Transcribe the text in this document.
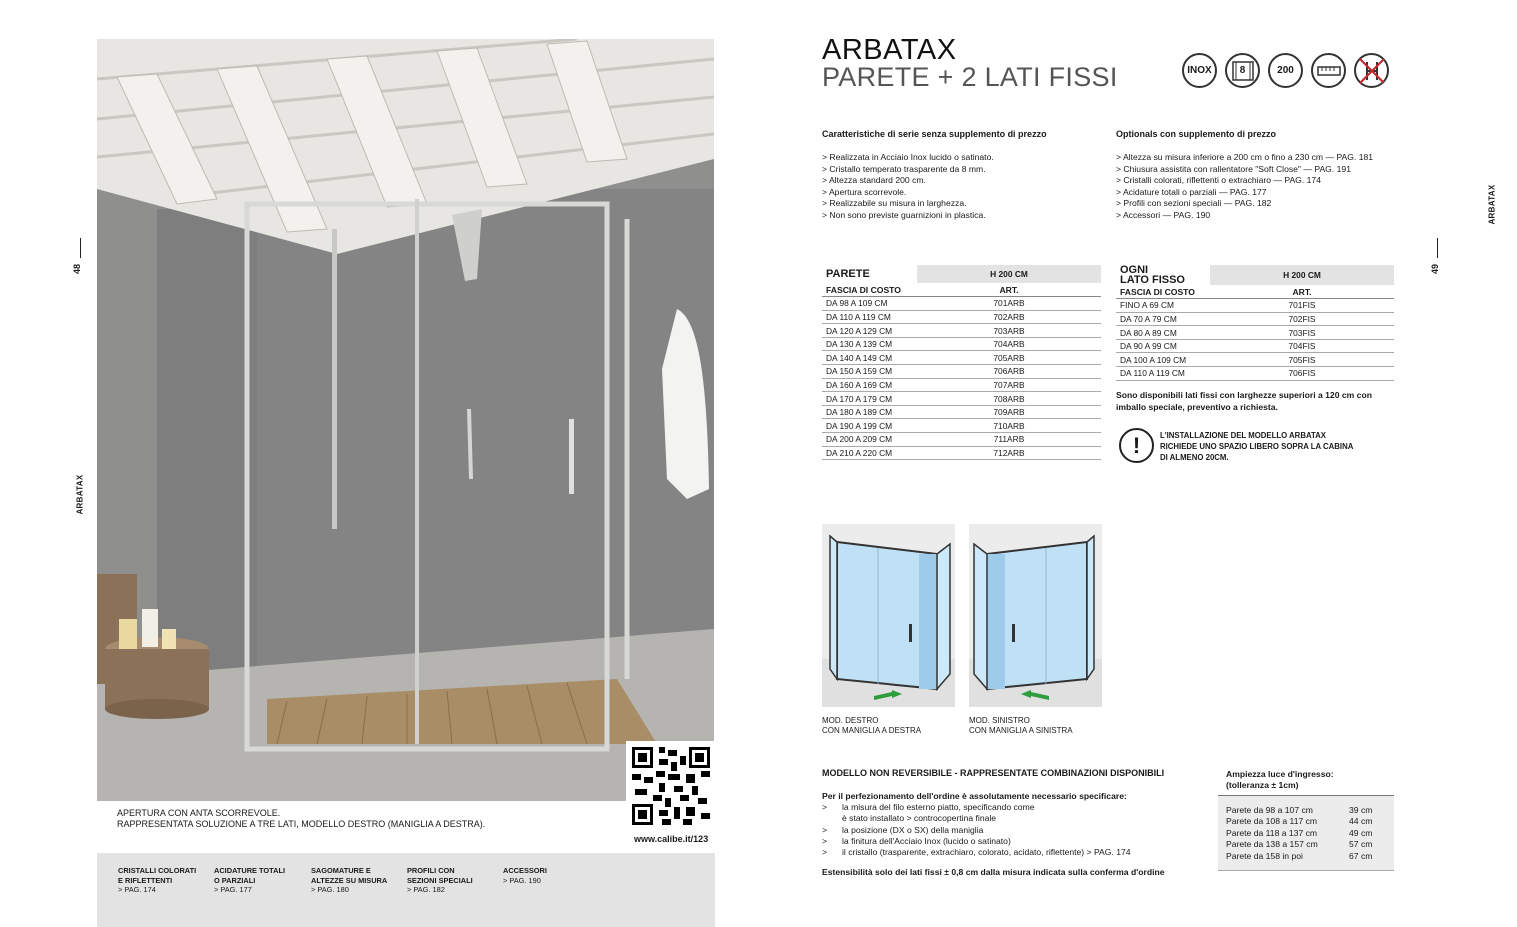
48
ARBATAX
www.calibe.it/123
APERTURA CON ANTA SCORREVOLE.
RAPPRESENTATA SOLUZIONE A TRE LATI, MODELLO DESTRO (MANIGLIA A DESTRA).
CRISTALLI COLORATI
E RIFLETTENTI
> PAG. 174
ACIDATURE TOTALI
O PARZIALI
> PAG. 177
SAGOMATURE E
ALTEZZE SU MISURA
> PAG. 180
PROFILI CON
SEZIONI SPECIALI
> PAG. 182
ACCESSORI
> PAG. 190
49
ARBATAX
ARBATAX
PARETE + 2 LATI FISSI	INOX	8	200
Caratteristiche di serie senza supplemento di prezzo
> Realizzata in Acciaio Inox lucido o satinato.
> Cristallo temperato trasparente da 8 mm.
> Altezza standard 200 cm.
> Apertura scorrevole.
> Realizzabile su misura in larghezza.
> Non sono previste guarnizioni in plastica.
Optionals con supplemento di prezzo
> Altezza su misura inferiore a 200 cm o fino a 230 cm — PAG. 181
> Chiusura assistita con rallentatore "Soft Close" — PAG. 191
> Cristalli colorati, riflettenti o extrachiaro — PAG. 174
> Acidature totali o parziali — PAG. 177
> Profili con sezioni speciali — PAG. 182
> Accessori — PAG. 190
PARETE	H 200 CM
FASCIA DI COSTO	ART.
DA 98 A 109 CM	701ARB
DA 110 A 119 CM	702ARB
DA 120 A 129 CM	703ARB
DA 130 A 139 CM	704ARB
DA 140 A 149 CM	705ARB
DA 150 A 159 CM	706ARB
DA 160 A 169 CM	707ARB
DA 170 A 179 CM	708ARB
DA 180 A 189 CM	709ARB
DA 190 A 199 CM	710ARB
DA 200 A 209 CM	711ARB
DA 210 A 220 CM	712ARB
OGNI
LATO FISSO	H 200 CM
FASCIA DI COSTO	ART.
FINO A 69 CM	701FIS
DA 70 A 79 CM	702FIS
DA 80 A 89 CM	703FIS
DA 90 A 99 CM	704FIS
DA 100 A 109 CM	705FIS
DA 110 A 119 CM	706FIS
Sono disponibili lati fissi con larghezze superiori a 120 cm con
imballo speciale, preventivo a richiesta.
!	L'INSTALLAZIONE DEL MODELLO ARBATAX
RICHIEDE UNO SPAZIO LIBERO SOPRA LA CABINA
DI ALMENO 20CM.
MOD. DESTRO
CON MANIGLIA A DESTRA
MOD. SINISTRO
CON MANIGLIA A SINISTRA
MODELLO NON REVERSIBILE - RAPPRESENTATE COMBINAZIONI DISPONIBILI
Per il perfezionamento dell'ordine è assolutamente necessario specificare:
> la misura del filo esterno piatto, specificando come
è stato installato > controcopertina finale
> la posizione (DX o SX) della maniglia
> la finitura dell'Acciaio Inox (lucido o satinato)
> il cristallo (trasparente, extrachiaro, colorato, acidato, riflettente) > PAG. 174
Estensibilità solo dei lati fissi ± 0,8 cm dalla misura indicata sulla conferma d'ordine
Ampiezza luce d'ingresso:
(tolleranza ± 1cm)
Parete da 98 a 107 cm	39 cm
Parete da 108 a 117 cm	44 cm
Parete da 118 a 137 cm	49 cm
Parete da 138 a 157 cm	57 cm
Parete da 158 in poi	67 cm
